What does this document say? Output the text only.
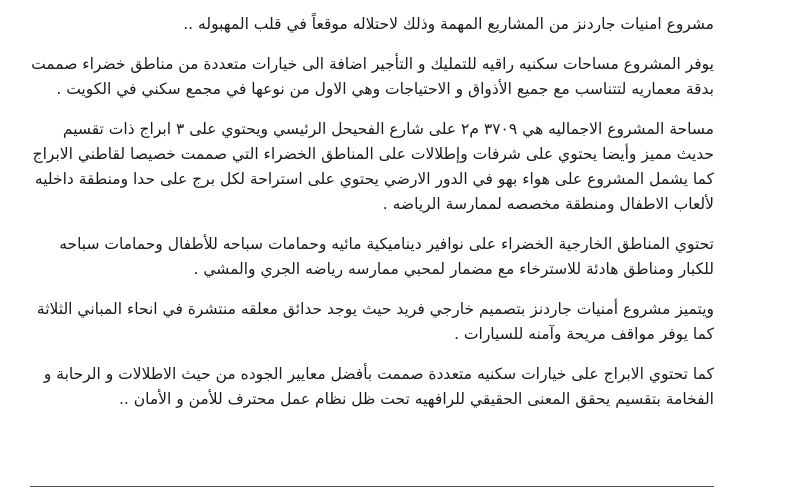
مشروع امنيات جاردنز من المشاريع المهمة وذلك لاحتلاله موقعاً في قلب المهبوله ..

يوفر المشروع مساحات سكنيه راقيه للتمليك و التأجير اضافة الى خيارات متعددة من مناطق خضراء صممت بدقة معماريه لتتناسب مع جميع الأذواق و الاحتياجات وهي الاول من نوعها في مجمع سكني في الكويت .

مساحة المشروع الاجماليه هي ٣٧٠٩ م٢ على شارع الفحيحل الرئيسي ويحتوي على ٣ ابراج ذات تقسيم حديث مميز وأيضا يحتوي على شرفات وإطلالات على المناطق الخضراء التي صممت خصيصا لقاطني الابراج كما يشمل المشروع على هواء بهو في الدور الارضي يحتوي على استراحة لكل برج على حدا ومنطقة داخليه لألعاب الاطفال ومنطقة مخصصه لممارسة الرياضه .

تحتوي المناطق الخارجية الخضراء على نوافير ديناميكية مائيه وحمامات سباحه للأطفال وحمامات سباحه للكبار ومناطق هادئة للاسترخاء مع مضمار لمحبي ممارسه رياضه الجري والمشي .

ويتميز مشروع أمنيات جاردنز بتصميم خارجي فريد حيث يوجد حدائق معلقه منتشرة في انحاء المباني الثلاثة كما يوفر مواقف مريحة وآمنه للسيارات .

كما تحتوي الابراج على خيارات سكنيه متعددة صممت بأفضل معايير الجوده من حيث الاطلالات و الرحابة و الفخامة بتقسيم يحقق المعنى الحقيقي للرافهيه تحت ظل نظام عمل محترف للأمن و الأمان ..
